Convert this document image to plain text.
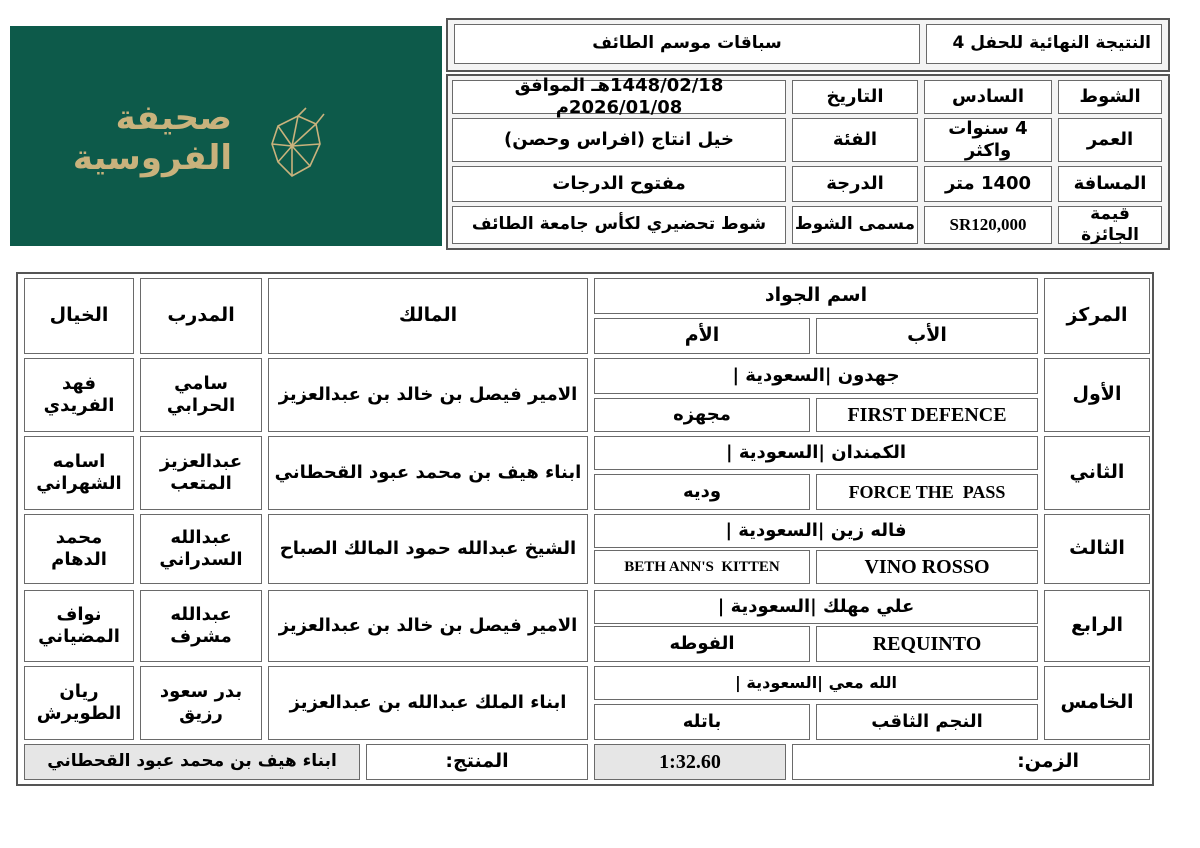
صحيفة
الفروسية
النتيجة النهائية للحفل 4
سباقات موسم الطائف
الشوط
السادس
التاريخ
1448/02/18هـ الموافق 2026/01/08م
العمر
4 سنوات واكثر
الفئة
خيل انتاج (افراس وحصن)
المسافة
1400 متر
الدرجة
مفتوح الدرجات
قيمة الجائزة
SR120,000
مسمى الشوط
شوط تحضيري لكأس جامعة الطائف
المركز
اسم الجواد
الأب
الأم
المالك
المدرب
الخيال
الأول
جهدون |السعودية |
FIRST DEFENCE
مجهزه
الامير فيصل بن خالد بن عبدالعزيز
سامي
الحرابي
فهد الفريدي
الثاني
الكمندان |السعودية |
FORCE THE  PASS
وديه
ابناء هيف بن محمد عبود القحطاني
عبدالعزيز
المتعب
اسامه
الشهراني
الثالث
فاله زين |السعودية |
VINO ROSSO
BETH ANN'S  KITTEN
الشيخ عبدالله حمود المالك الصباح
عبدالله
السدراني
محمد
الدهام
الرابع
علي مهلك |السعودية |
REQUINTO
الفوطه
الامير فيصل بن خالد بن عبدالعزيز
عبدالله
مشرف
نواف
المضياني
الخامس
الله معي |السعودية |
النجم الثاقب
باتله
ابناء الملك عبدالله بن عبدالعزيز
بدر سعود
رزيق
ريان
الطويرش
الزمن:
1:32.60
المنتج:
ابناء هيف بن محمد عبود القحطاني
